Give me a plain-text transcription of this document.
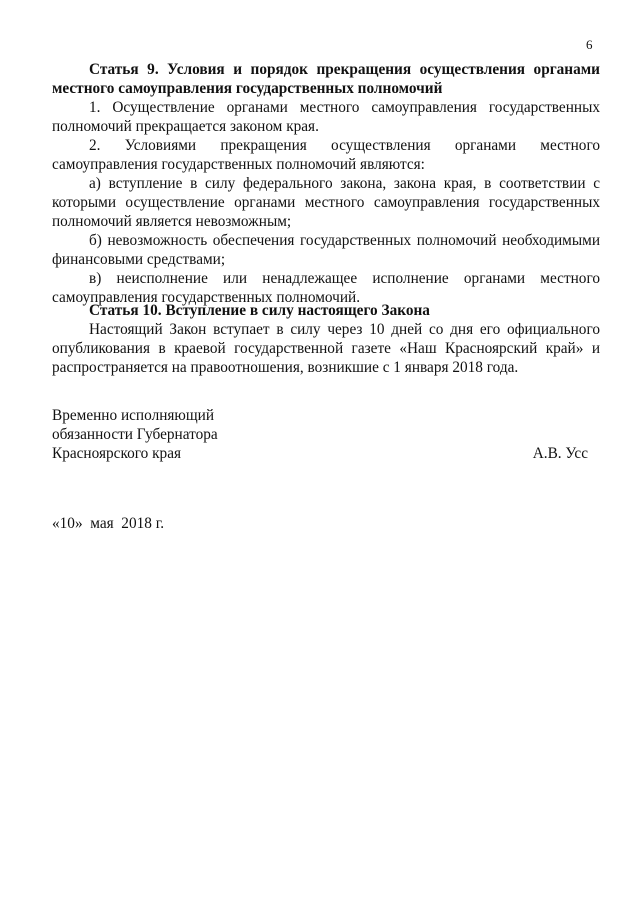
6

Статья 9. Условия и порядок прекращения осуществления органами местного самоуправления государственных полномочий

1. Осуществление органами местного самоуправления государственных полномочий прекращается законом края.

2. Условиями прекращения осуществления органами местного самоуправления государственных полномочий являются:

а) вступление в силу федерального закона, закона края, в соответствии с которыми осуществление органами местного самоуправления государственных полномочий является невозможным;

б) невозможность обеспечения государственных полномочий необходимыми финансовыми средствами;

в) неисполнение или ненадлежащее исполнение органами местного самоуправления государственных полномочий.

Статья 10. Вступление в силу настоящего Закона

Настоящий Закон вступает в силу через 10 дней со дня его официального опубликования в краевой государственной газете «Наш Красноярский край» и распространяется на правоотношения, возникшие с 1 января 2018 года.

Временно исполняющий
обязанности Губернатора
Красноярского края	А.В. Усс
«10»  мая  2018 г.
